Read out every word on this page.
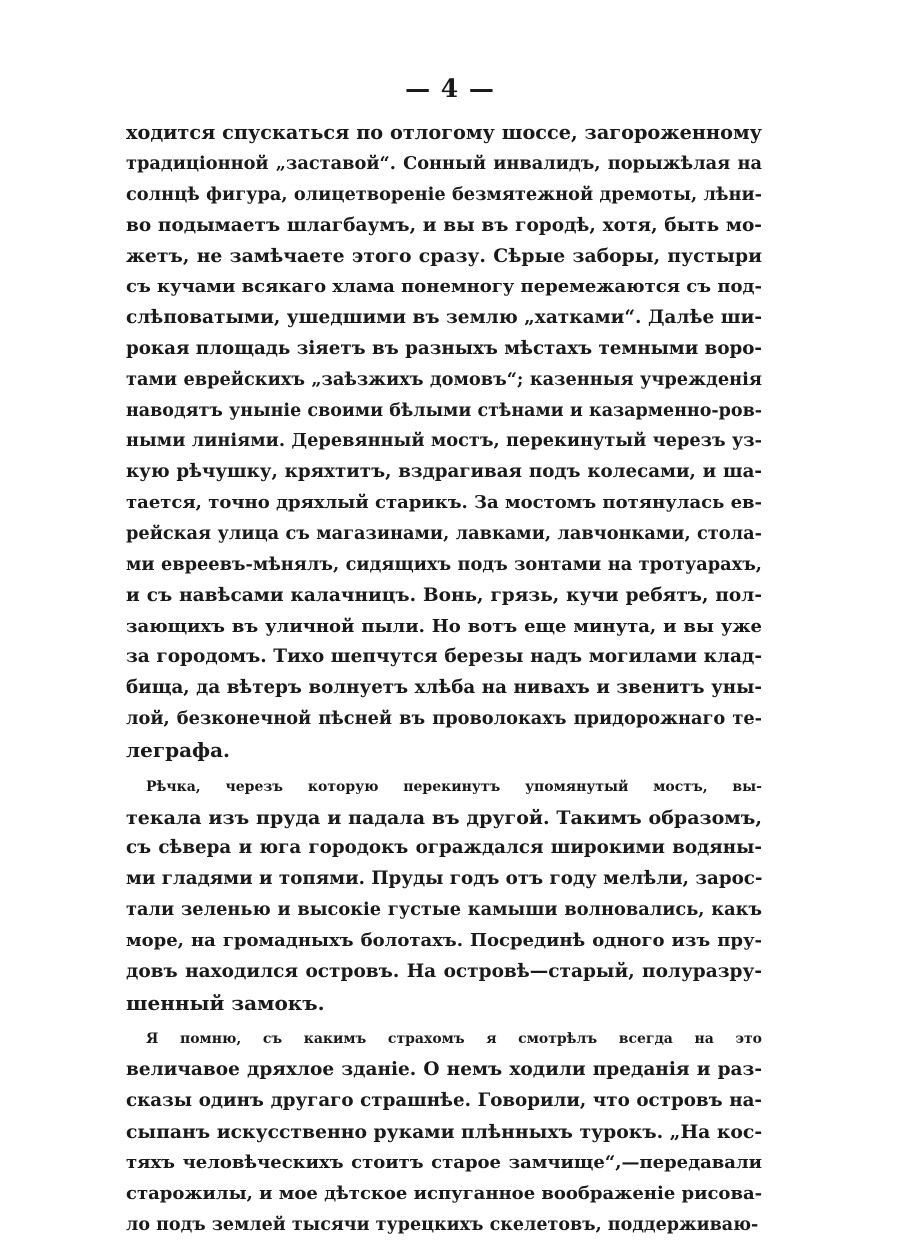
— 4 —
ходится спускаться по отлогому шоссе, загороженному
традиціонной „заставой“. Сонный инвалидъ, порыжѣлая на
солнцѣ фигура, олицетвореніе безмятежной дремоты, лѣни-
во подымаетъ шлагбаумъ, и вы въ городѣ, хотя, быть мо-
жетъ, не замѣчаете этого сразу. Сѣрые заборы, пустыри
съ кучами всякаго хлама понемногу перемежаются съ под-
слѣповатыми, ушедшими въ землю „хатками“. Далѣе ши-
рокая площадь зіяетъ въ разныхъ мѣстахъ темными воро-
тами еврейскихъ „заѣзжихъ домовъ“; казенныя учрежденія
наводятъ уныніе своими бѣлыми стѣнами и казарменно-ров-
ными линіями. Деревянный мостъ, перекинутый черезъ уз-
кую рѣчушку, кряхтитъ, вздрагивая подъ колесами, и ша-
тается, точно дряхлый старикъ. За мостомъ потянулась ев-
рейская улица съ магазинами, лавками, лавчонками, стола-
ми евреевъ-мѣнялъ, сидящихъ подъ зонтами на тротуарахъ,
и съ навѣсами калачницъ. Вонь, грязь, кучи ребятъ, пол-
зающихъ въ уличной пыли. Но вотъ еще минута, и вы уже
за городомъ. Тихо шепчутся березы надъ могилами клад-
бища, да вѣтеръ волнуетъ хлѣба на нивахъ и звенитъ уны-
лой, безконечной пѣсней въ проволокахъ придорожнаго те-
леграфа.
Рѣчка, черезъ которую перекинутъ упомянутый мостъ, вы-
текала изъ пруда и падала въ другой. Такимъ образомъ,
съ сѣвера и юга городокъ ограждался широкими водяны-
ми гладями и топями. Пруды годъ отъ году мелѣли, зарос-
тали зеленью и высокіе густые камыши волновались, какъ
море, на громадныхъ болотахъ. Посрединѣ одного изъ пру-
довъ находился островъ. На островѣ—старый, полуразру-
шенный замокъ.
Я помню, съ какимъ страхомъ я смотрѣлъ всегда на это
величавое дряхлое зданіе. О немъ ходили преданія и раз-
сказы одинъ другаго страшнѣе. Говорили, что островъ на-
сыпанъ искусственно руками плѣнныхъ турокъ. „На кос-
тяхъ человѣческихъ стоитъ старое замчище“,—передавали
старожилы, и мое дѣтское испуганное воображеніе рисова-
ло подъ землей тысячи турецкихъ скелетовъ, поддерживаю-
